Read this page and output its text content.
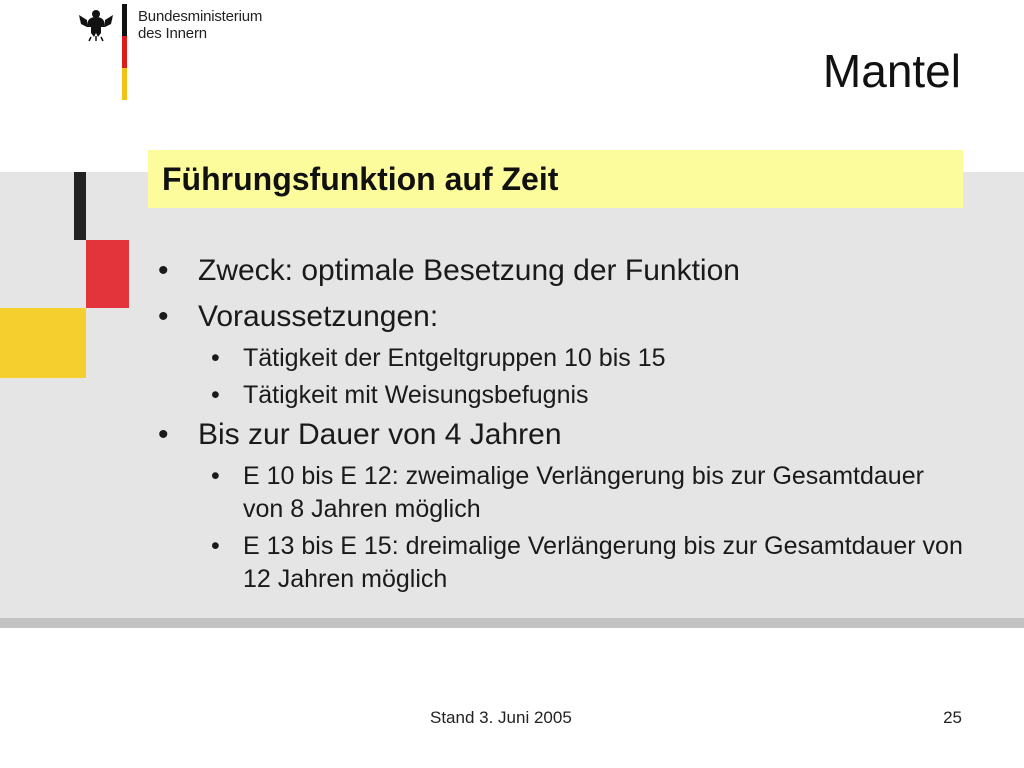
Bundesministerium
des Innern
Mantel
Führungsfunktion auf Zeit
• Zweck: optimale Besetzung der Funktion
• Voraussetzungen:
• Tätigkeit der Entgeltgruppen 10 bis 15
• Tätigkeit mit Weisungsbefugnis
• Bis zur Dauer von 4 Jahren
• E 10 bis E 12: zweimalige Verlängerung bis zur Gesamtdauer von 8 Jahren möglich
• E 13 bis E 15: dreimalige Verlängerung bis zur Gesamtdauer von 12 Jahren möglich
Stand 3. Juni 2005	25
